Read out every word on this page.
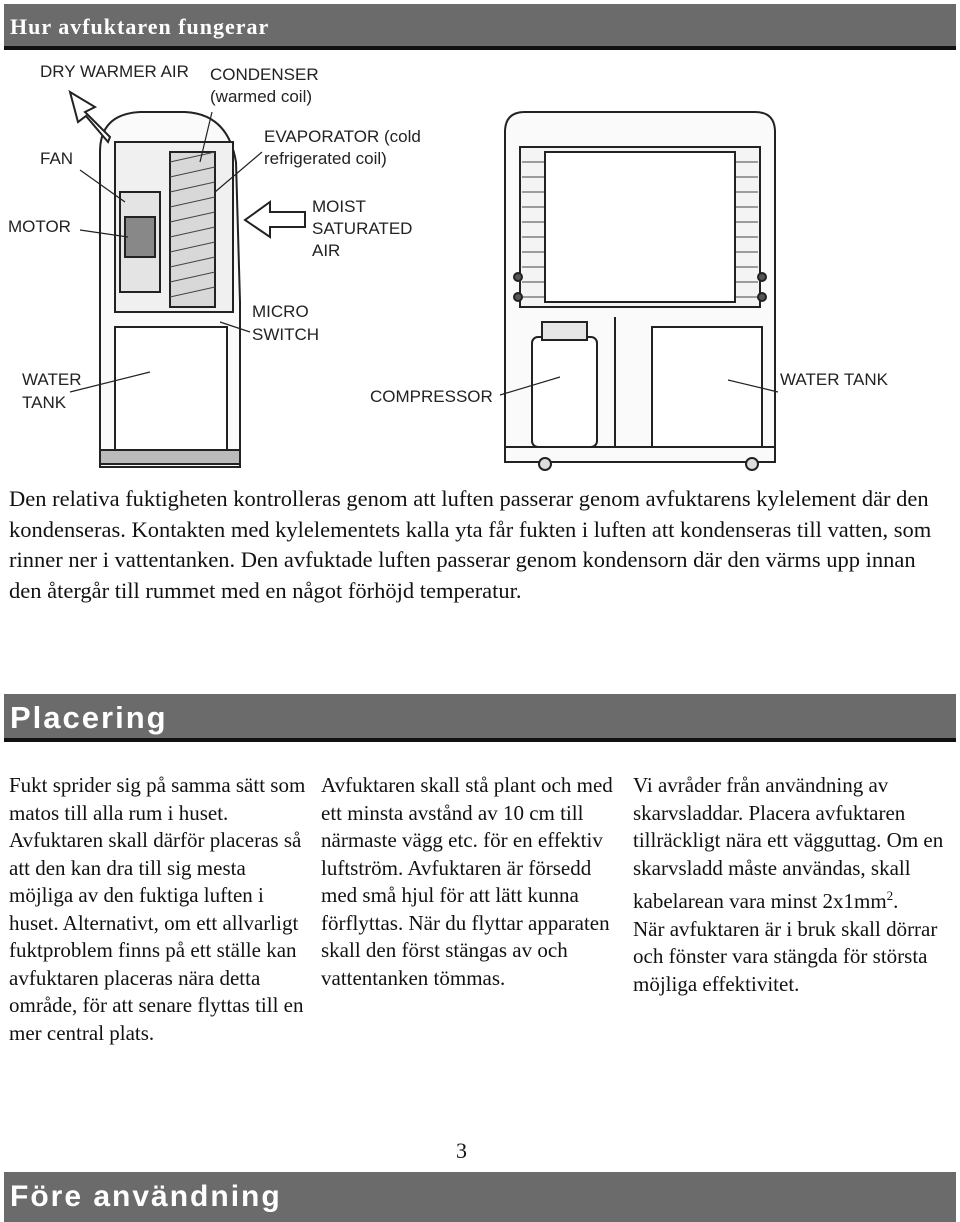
Hur avfuktaren fungerar
DRY WARMER AIR CONDENSER
(warmed coil)
EVAPORATOR (cold
refrigerated coil)
FAN
MOIST
SATURATED
AIR
MOTOR
MICRO
SWITCH
WATER
TANK	COMPRESSOR
WATER TANK

Den relativa fuktigheten kontrolleras genom att luften passerar genom avfuktarens kylelement där den kondenseras. Kontakten med kylelementets kalla yta får fukten i luften att kondenseras till vatten, som rinner ner i vattentanken. Den avfuktade luften passerar genom kondensorn där den värms upp innan den återgår till rummet med en något förhöjd temperatur.

Placering

Fukt sprider sig på samma sätt som matos till alla rum i huset. Avfuktaren skall därför placeras så att den kan dra till sig mesta möjliga av den fuktiga luften i huset. Alternativt, om ett allvarligt fuktproblem finns på ett ställe kan avfuktaren placeras nära detta område, för att senare flyttas till en mer central plats.

Avfuktaren skall stå plant och med ett minsta avstånd av 10 cm till närmaste vägg etc. för en effektiv luftström. Avfuktaren är försedd med små hjul för att lätt kunna förflyttas. När du flyttar apparaten skall den först stängas av och vattentanken tömmas.

Vi avråder från användning av skarvsladdar. Placera avfuktaren tillräckligt nära ett vägguttag. Om en skarvsladd måste användas, skall kabelarean vara minst $2x1mm^2$.
När avfuktaren är i bruk skall dörrar och fönster vara stängda för största möjliga effektivitet.

3
Före användning
